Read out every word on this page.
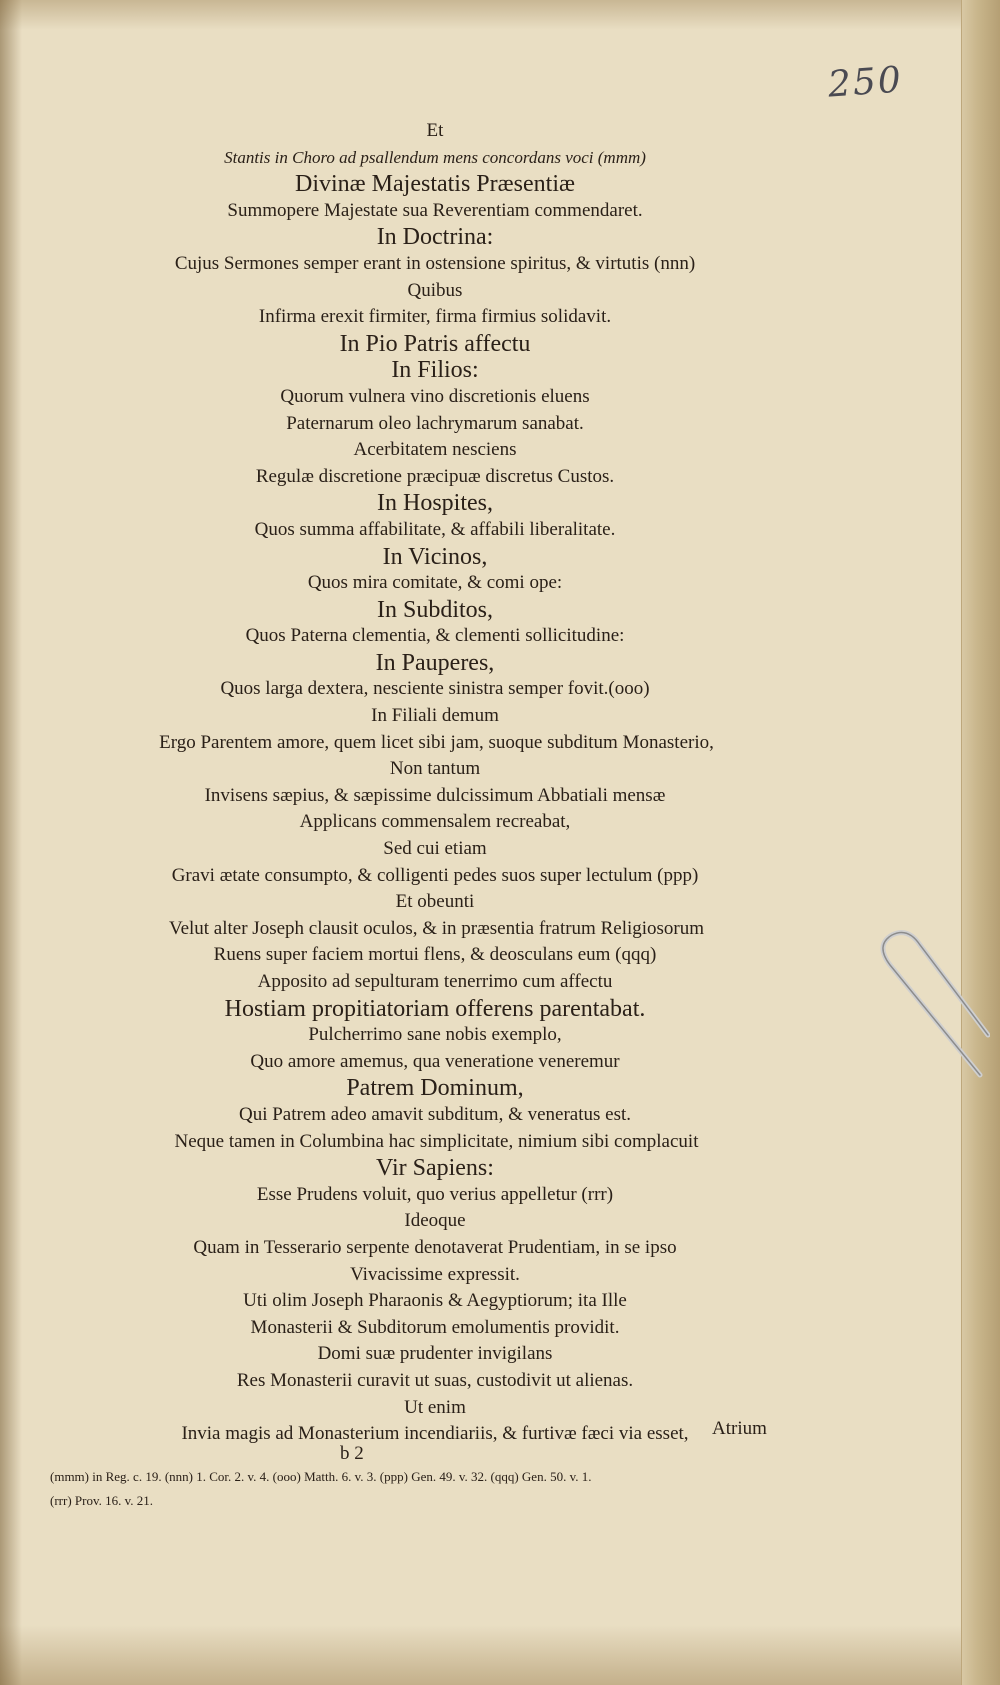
250
Et
Stantis in Choro ad psallendum mens concordans voci (mmm)
Divinæ Majestatis Præsentiæ
Summopere Majestate sua Reverentiam commendaret.
In Doctrina:
Cujus Sermones semper erant in ostensione spiritus, & virtutis (nnn)
Quibus
Infirma erexit firmiter, firma firmius solidavit.
In Pio Patris affectu
In Filios:
Quorum vulnera vino discretionis eluens
Paternarum oleo lachrymarum sanabat.
Acerbitatem nesciens
Regulæ discretione præcipuæ discretus Custos.
In Hospites,
Quos summa affabilitate, & affabili liberalitate.
In Vicinos,
Quos mira comitate, & comi ope:
In Subditos,
Quos Paterna clementia, & clementi sollicitudine:
In Pauperes,
Quos larga dextera, nesciente sinistra semper fovit.(ooo)
In Filiali demum
Ergo Parentem amore, quem licet sibi jam, suoque subditum Monasterio,
Non tantum
Invisens sæpius, & sæpissime dulcissimum Abbatiali mensæ
Applicans commensalem recreabat,
Sed cui etiam
Gravi ætate consumpto, & colligenti pedes suos super lectulum (ppp)
Et obeunti
Velut alter Joseph clausit oculos, & in præsentia fratrum Religiosorum
Ruens super faciem mortui flens, & deosculans eum (qqq)
Apposito ad sepulturam tenerrimo cum affectu
Hostiam propitiatoriam offerens parentabat.
Pulcherrimo sane nobis exemplo,
Quo amore amemus, qua veneratione veneremur
Patrem Dominum,
Qui Patrem adeo amavit subditum, & veneratus est.
Neque tamen in Columbina hac simplicitate, nimium sibi complacuit
Vir Sapiens:
Esse Prudens voluit, quo verius appelletur (rrr)
Ideoque
Quam in Tesserario serpente denotaverat Prudentiam, in se ipso
Vivacissime expressit.
Uti olim Joseph Pharaonis & Aegyptiorum; ita Ille
Monasterii & Subditorum emolumentis providit.
Domi suæ prudenter invigilans
Res Monasterii curavit ut suas, custodivit ut alienas.
Ut enim
Invia magis ad Monasterium incendiariis, & furtivæ fæci via esset,	Atrium
b 2
(mmm) in Reg. c. 19. (nnn) 1. Cor. 2. v. 4. (ooo) Matth. 6. v. 3. (ppp) Gen. 49. v. 32. (qqq) Gen. 50. v. 1.
(rrr) Prov. 16. v. 21.
